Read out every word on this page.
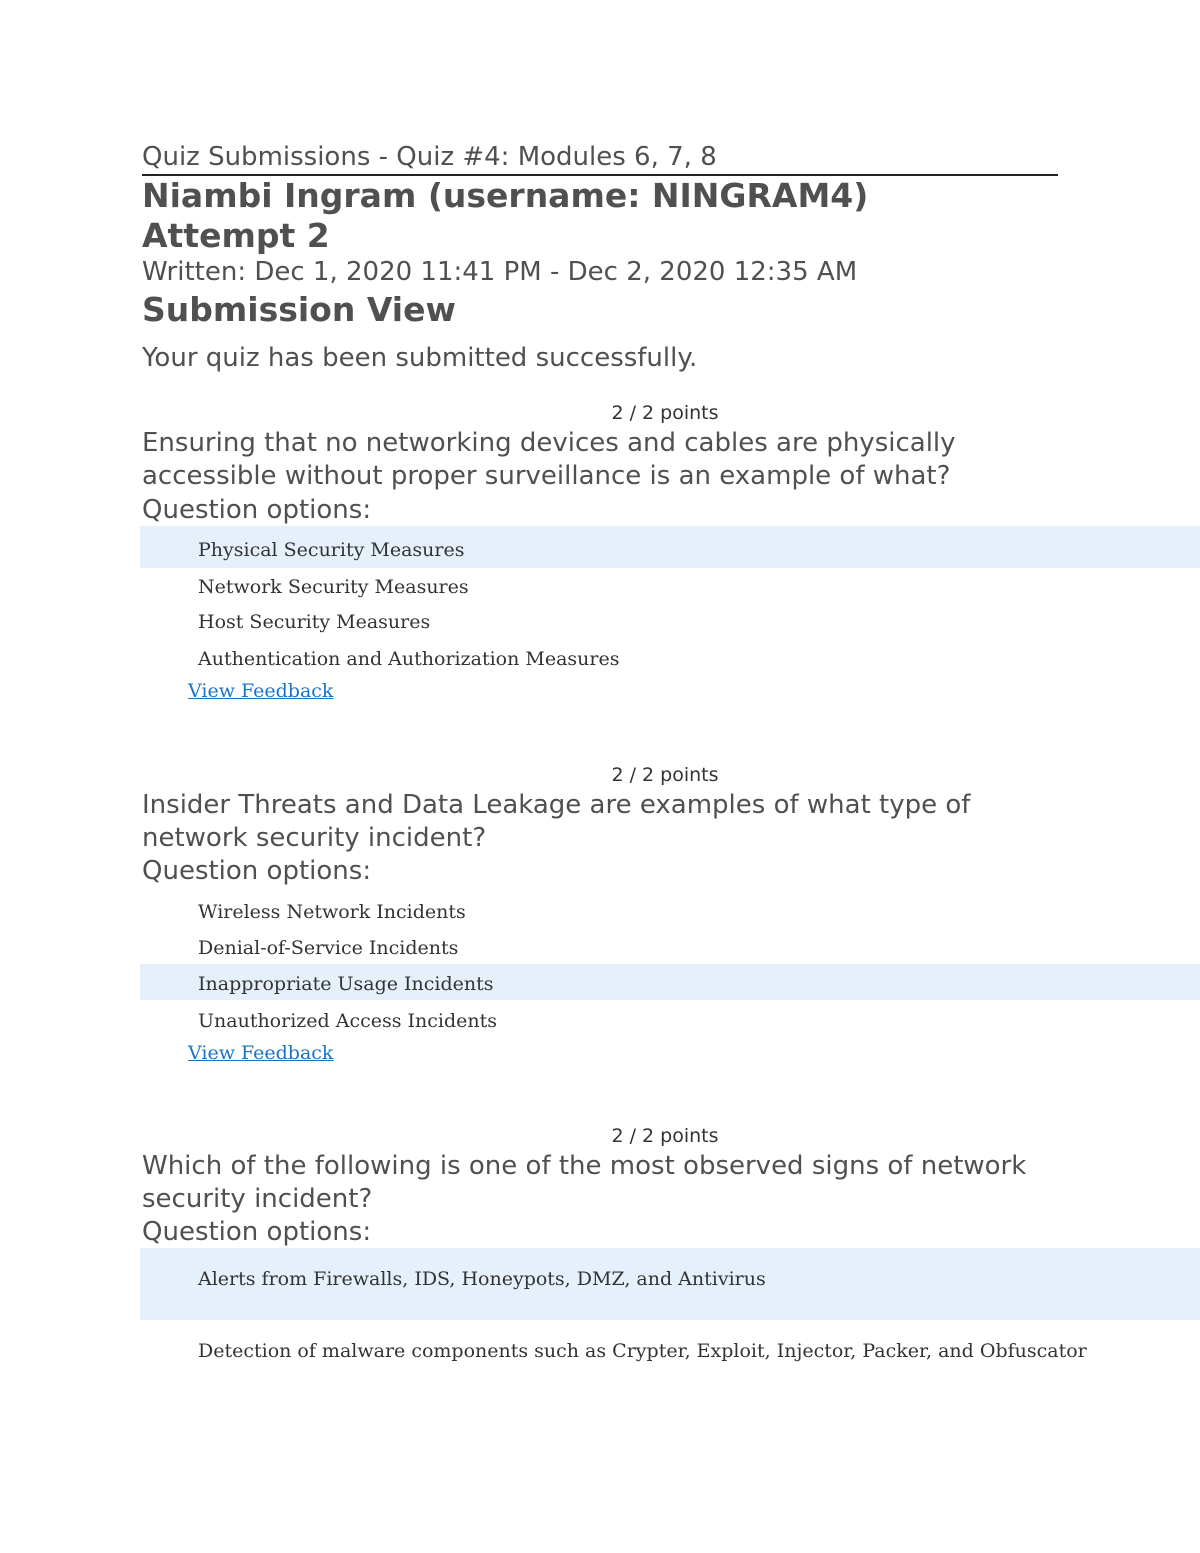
Quiz Submissions - Quiz #4: Modules 6, 7, 8
Niambi Ingram (username: NINGRAM4)
Attempt 2
Written: Dec 1, 2020 11:41 PM - Dec 2, 2020 12:35 AM
Submission View
Your quiz has been submitted successfully.
2 / 2 points
Ensuring that no networking devices and cables are physically accessible without proper surveillance is an example of what?
Question options:
Physical Security Measures
Network Security Measures
Host Security Measures
Authentication and Authorization Measures
View Feedback
2 / 2 points
Insider Threats and Data Leakage are examples of what type of network security incident?
Question options:
Wireless Network Incidents
Denial-of-Service Incidents
Inappropriate Usage Incidents
Unauthorized Access Incidents
View Feedback
2 / 2 points
Which of the following is one of the most observed signs of network security incident?
Question options:
Alerts from Firewalls, IDS, Honeypots, DMZ, and Antivirus
Detection of malware components such as Crypter, Exploit, Injector, Packer, and Obfuscator
